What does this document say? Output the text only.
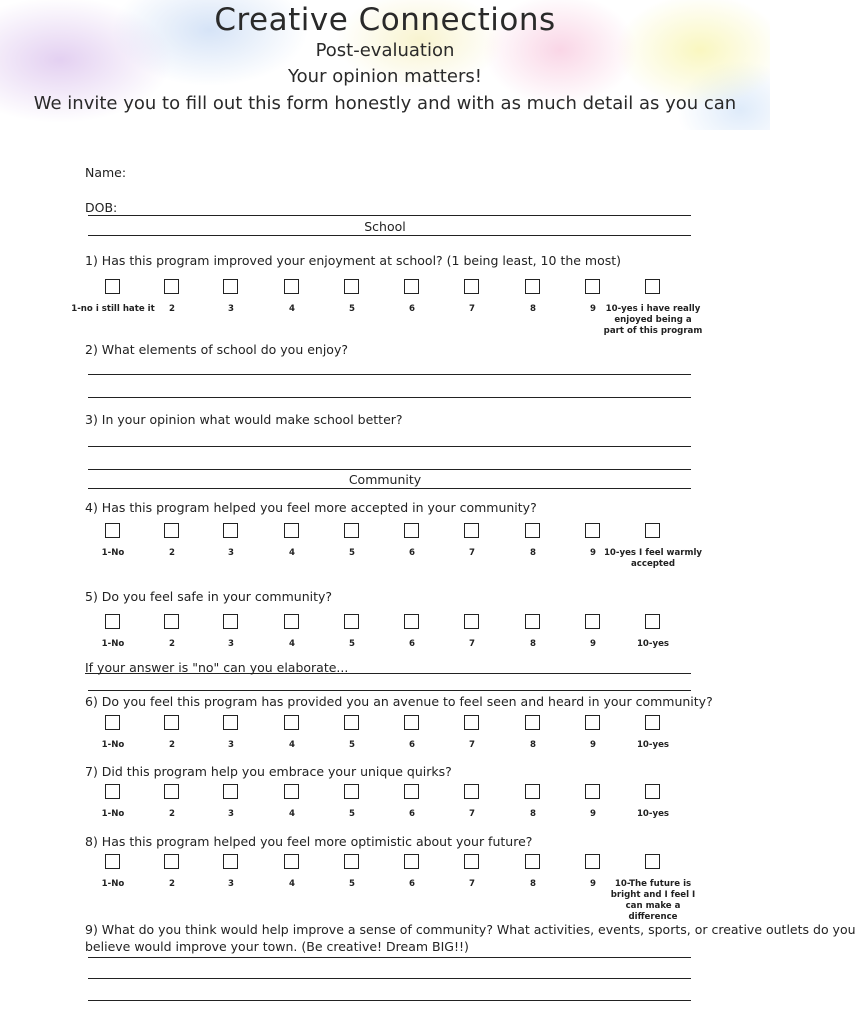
Creative Connections
Post-evaluation
Your opinion matters!
We invite you to fill out this form honestly and with as much detail as you can
Name:
DOB:
School
1) Has this program improved your enjoyment at school? (1 being least, 10 the most)
2) What elements of school do you enjoy?
3) In your opinion what would make school better?
Community
4) Has this program helped you feel more accepted in your community?
5) Do you feel safe in your community?
If your answer is "no" can you elaborate...
6) Do you feel this program has provided you an avenue to feel seen and heard in your community?
7) Did this program help you embrace your unique quirks?
8) Has this program helped you feel more optimistic about your future?
9) What do you think would help improve a sense of community? What activities, events, sports, or creative outlets do you
believe would improve your town. (Be creative! Dream BIG!!)
1-no i still hate it	2	3	4	5	6	7	8	9	10-yes i have really enjoyed being a part of this program
1-No	2	3	4	5	6	7	8	9 10-yes I feel warmly accepted
1-No	2	3	4	5	6	7	8	9	10-yes
1-No	2	3	4	5	6	7	8	9	10-yes
1-No	2	3	4	5	6	7	8	9	10-yes
1-No	2	3	4	5	6	7	8	9	10-The future is bright and I feel I can make a difference
